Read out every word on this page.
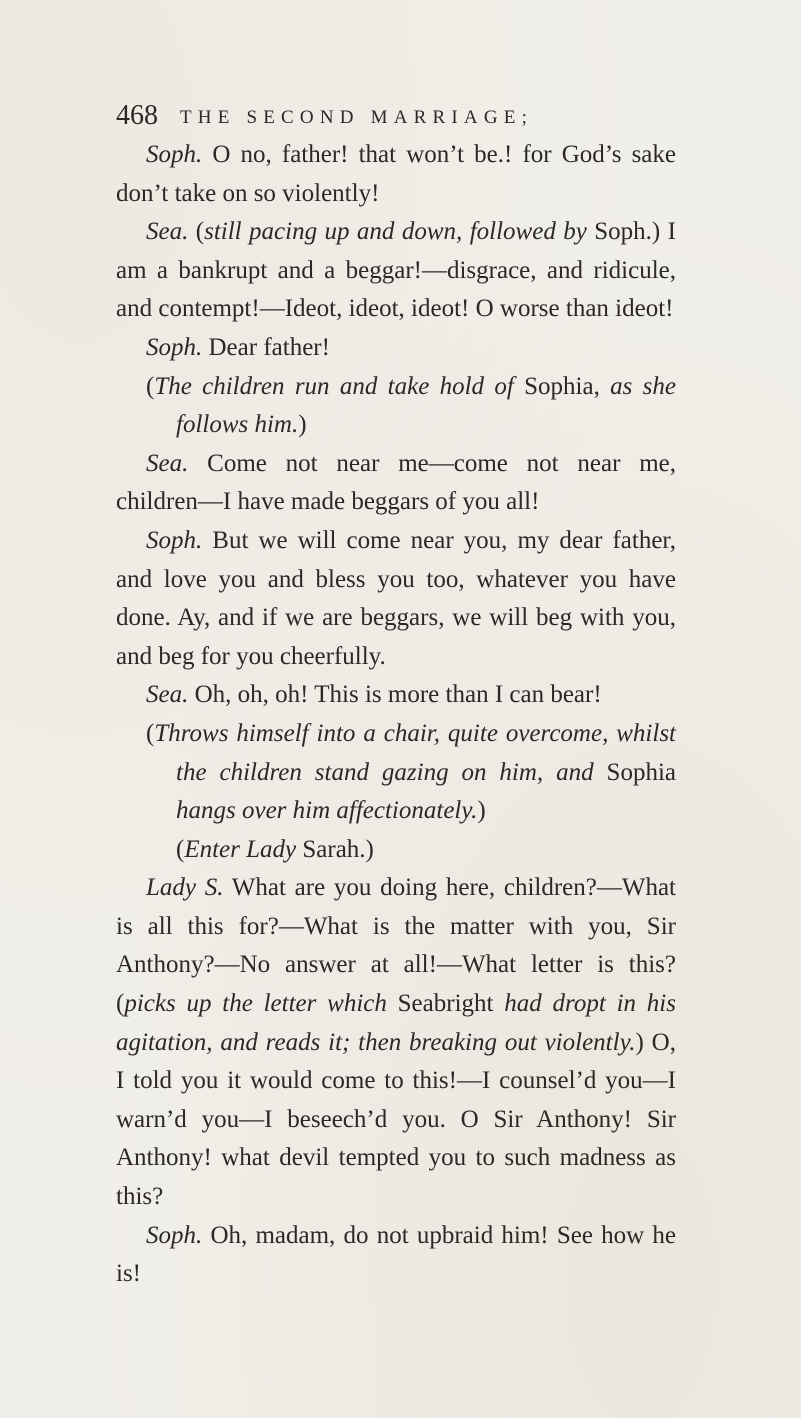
468 THE SECOND MARRIAGE;

Soph. O no, father! that won’t be.! for God’s sake don’t take on so violently!

Sea. (still pacing up and down, followed by Soph.) I am a bankrupt and a beggar!—disgrace, and ridicule, and contempt!—Ideot, ideot, ideot! O worse than ideot!

Soph. Dear father!

(The children run and take hold of Sophia, as she follows him.)

Sea. Come not near me—come not near me, children—I have made beggars of you all!

Soph. But we will come near you, my dear father, and love you and bless you too, whatever you have done. Ay, and if we are beggars, we will beg with you, and beg for you cheerfully.

Sea. Oh, oh, oh! This is more than I can bear!

(Throws himself into a chair, quite overcome, whilst the children stand gazing on him, and Sophia hangs over him affectionately.)

(Enter Lady Sarah.)

Lady S. What are you doing here, children?—What is all this for?—What is the matter with you, Sir Anthony?—No answer at all!—What letter is this? (picks up the letter which Seabright had dropt in his agitation, and reads it; then breaking out violently.) O, I told you it would come to this!—I counsel’d you—I warn’d you—I beseech’d you. O Sir Anthony! Sir Anthony! what devil tempted you to such madness as this?

Soph. Oh, madam, do not upbraid him! See how he is!
